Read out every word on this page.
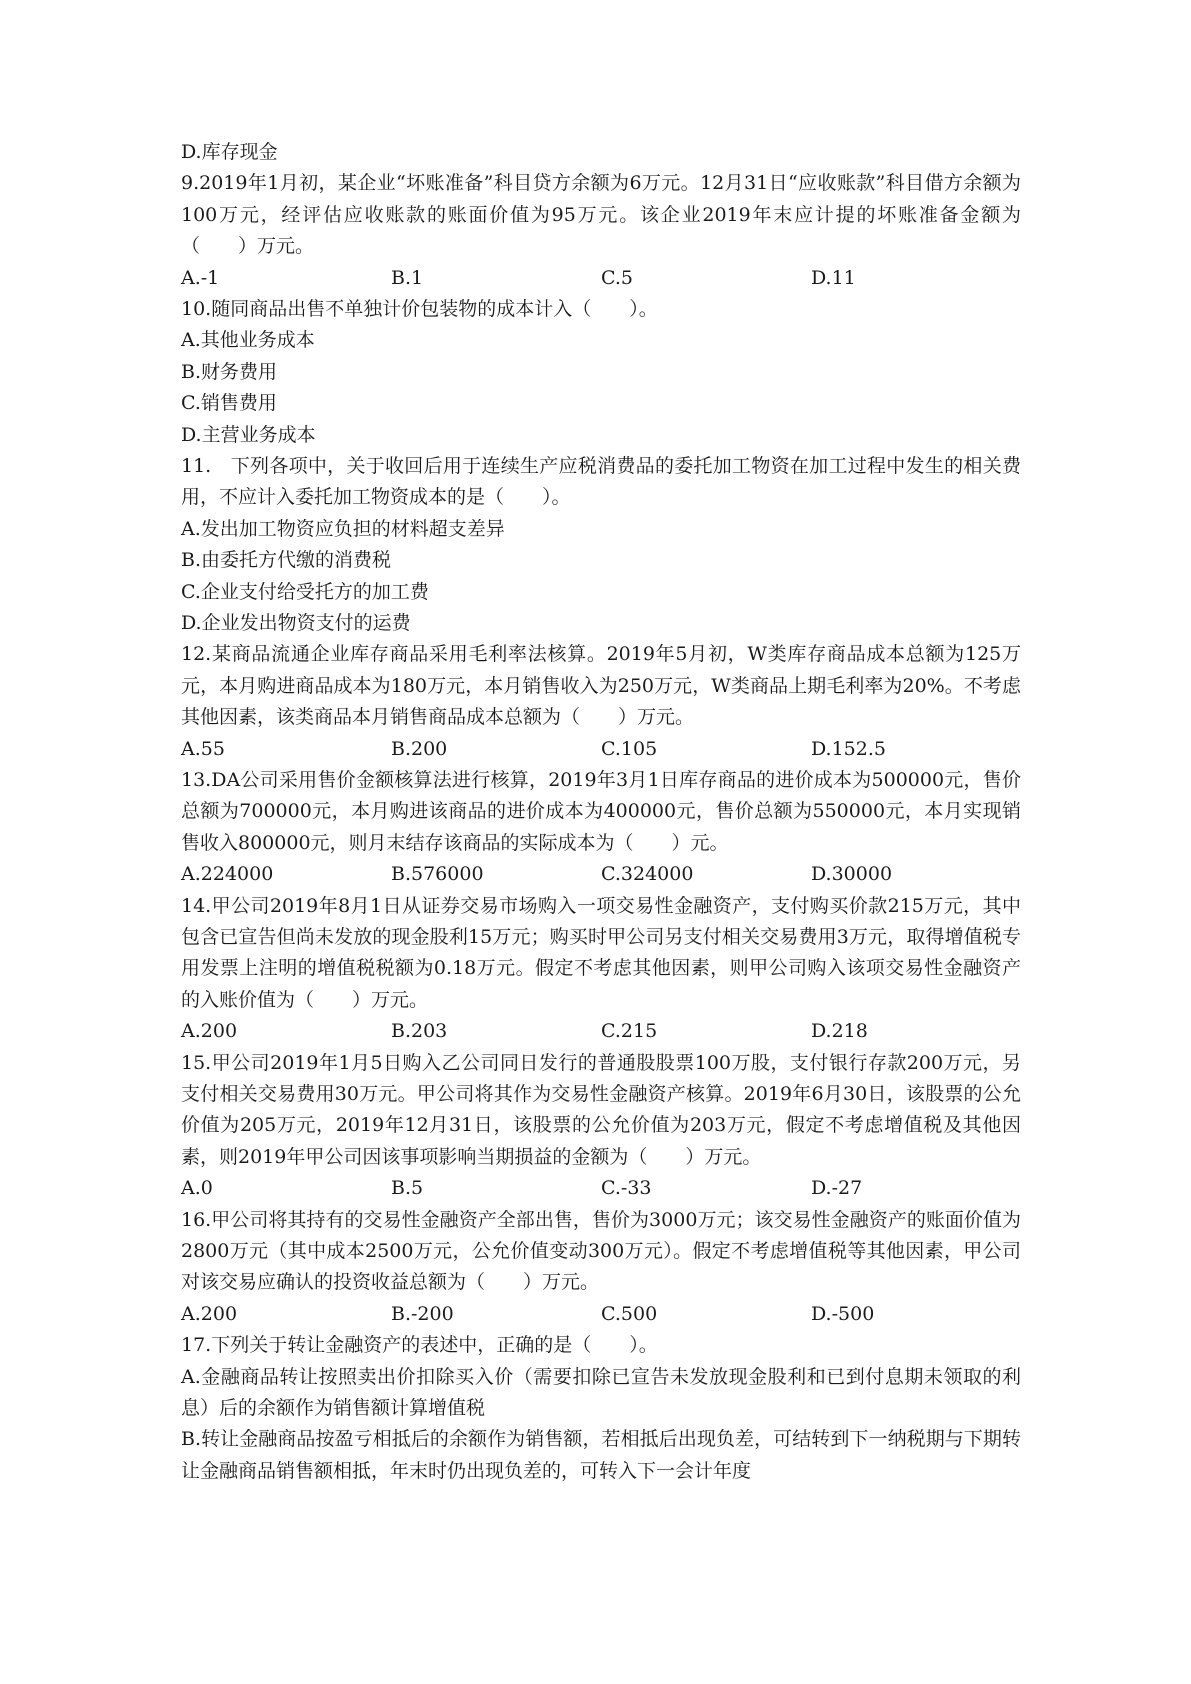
D.库存现金
9.2019年1月初，某企业“坏账准备”科目贷方余额为6万元。12月31日“应收账款”科目借方余额为100万元，经评估应收账款的账面价值为95万元。该企业2019年末应计提的坏账准备金额为（　　）万元。
A.-1	B.1	C.5	D.11
10.随同商品出售不单独计价包装物的成本计入（　　）。
A.其他业务成本
B.财务费用
C.销售费用
D.主营业务成本
11.　下列各项中，关于收回后用于连续生产应税消费品的委托加工物资在加工过程中发生的相关费用，不应计入委托加工物资成本的是（　　）。
A.发出加工物资应负担的材料超支差异
B.由委托方代缴的消费税
C.企业支付给受托方的加工费
D.企业发出物资支付的运费
12.某商品流通企业库存商品采用毛利率法核算。2019年5月初，W类库存商品成本总额为125万元，本月购进商品成本为180万元，本月销售收入为250万元，W类商品上期毛利率为20%。不考虑其他因素，该类商品本月销售商品成本总额为（　　）万元。
A.55	B.200	C.105	D.152.5
13.DA公司采用售价金额核算法进行核算，2019年3月1日库存商品的进价成本为500000元，售价总额为700000元，本月购进该商品的进价成本为400000元，售价总额为550000元，本月实现销售收入800000元，则月末结存该商品的实际成本为（　　）元。
A.224000	B.576000	C.324000	D.30000
14.甲公司2019年8月1日从证券交易市场购入一项交易性金融资产，支付购买价款215万元，其中包含已宣告但尚未发放的现金股利15万元；购买时甲公司另支付相关交易费用3万元，取得增值税专用发票上注明的增值税税额为0.18万元。假定不考虑其他因素，则甲公司购入该项交易性金融资产的入账价值为（　　）万元。
A.200	B.203	C.215	D.218
15.甲公司2019年1月5日购入乙公司同日发行的普通股股票100万股，支付银行存款200万元，另支付相关交易费用30万元。甲公司将其作为交易性金融资产核算。2019年6月30日，该股票的公允价值为205万元，2019年12月31日，该股票的公允价值为203万元，假定不考虑增值税及其他因素，则2019年甲公司因该事项影响当期损益的金额为（　　）万元。
A.0	B.5	C.-33	D.-27
16.甲公司将其持有的交易性金融资产全部出售，售价为3000万元；该交易性金融资产的账面价值为2800万元（其中成本2500万元，公允价值变动300万元）。假定不考虑增值税等其他因素，甲公司对该交易应确认的投资收益总额为（　　）万元。
A.200	B.-200	C.500	D.-500
17.下列关于转让金融资产的表述中，正确的是（　　）。
A.金融商品转让按照卖出价扣除买入价（需要扣除已宣告未发放现金股利和已到付息期未领取的利息）后的余额作为销售额计算增值税
B.转让金融商品按盈亏相抵后的余额作为销售额，若相抵后出现负差，可结转到下一纳税期与下期转让金融商品销售额相抵，年末时仍出现负差的，可转入下一会计年度
